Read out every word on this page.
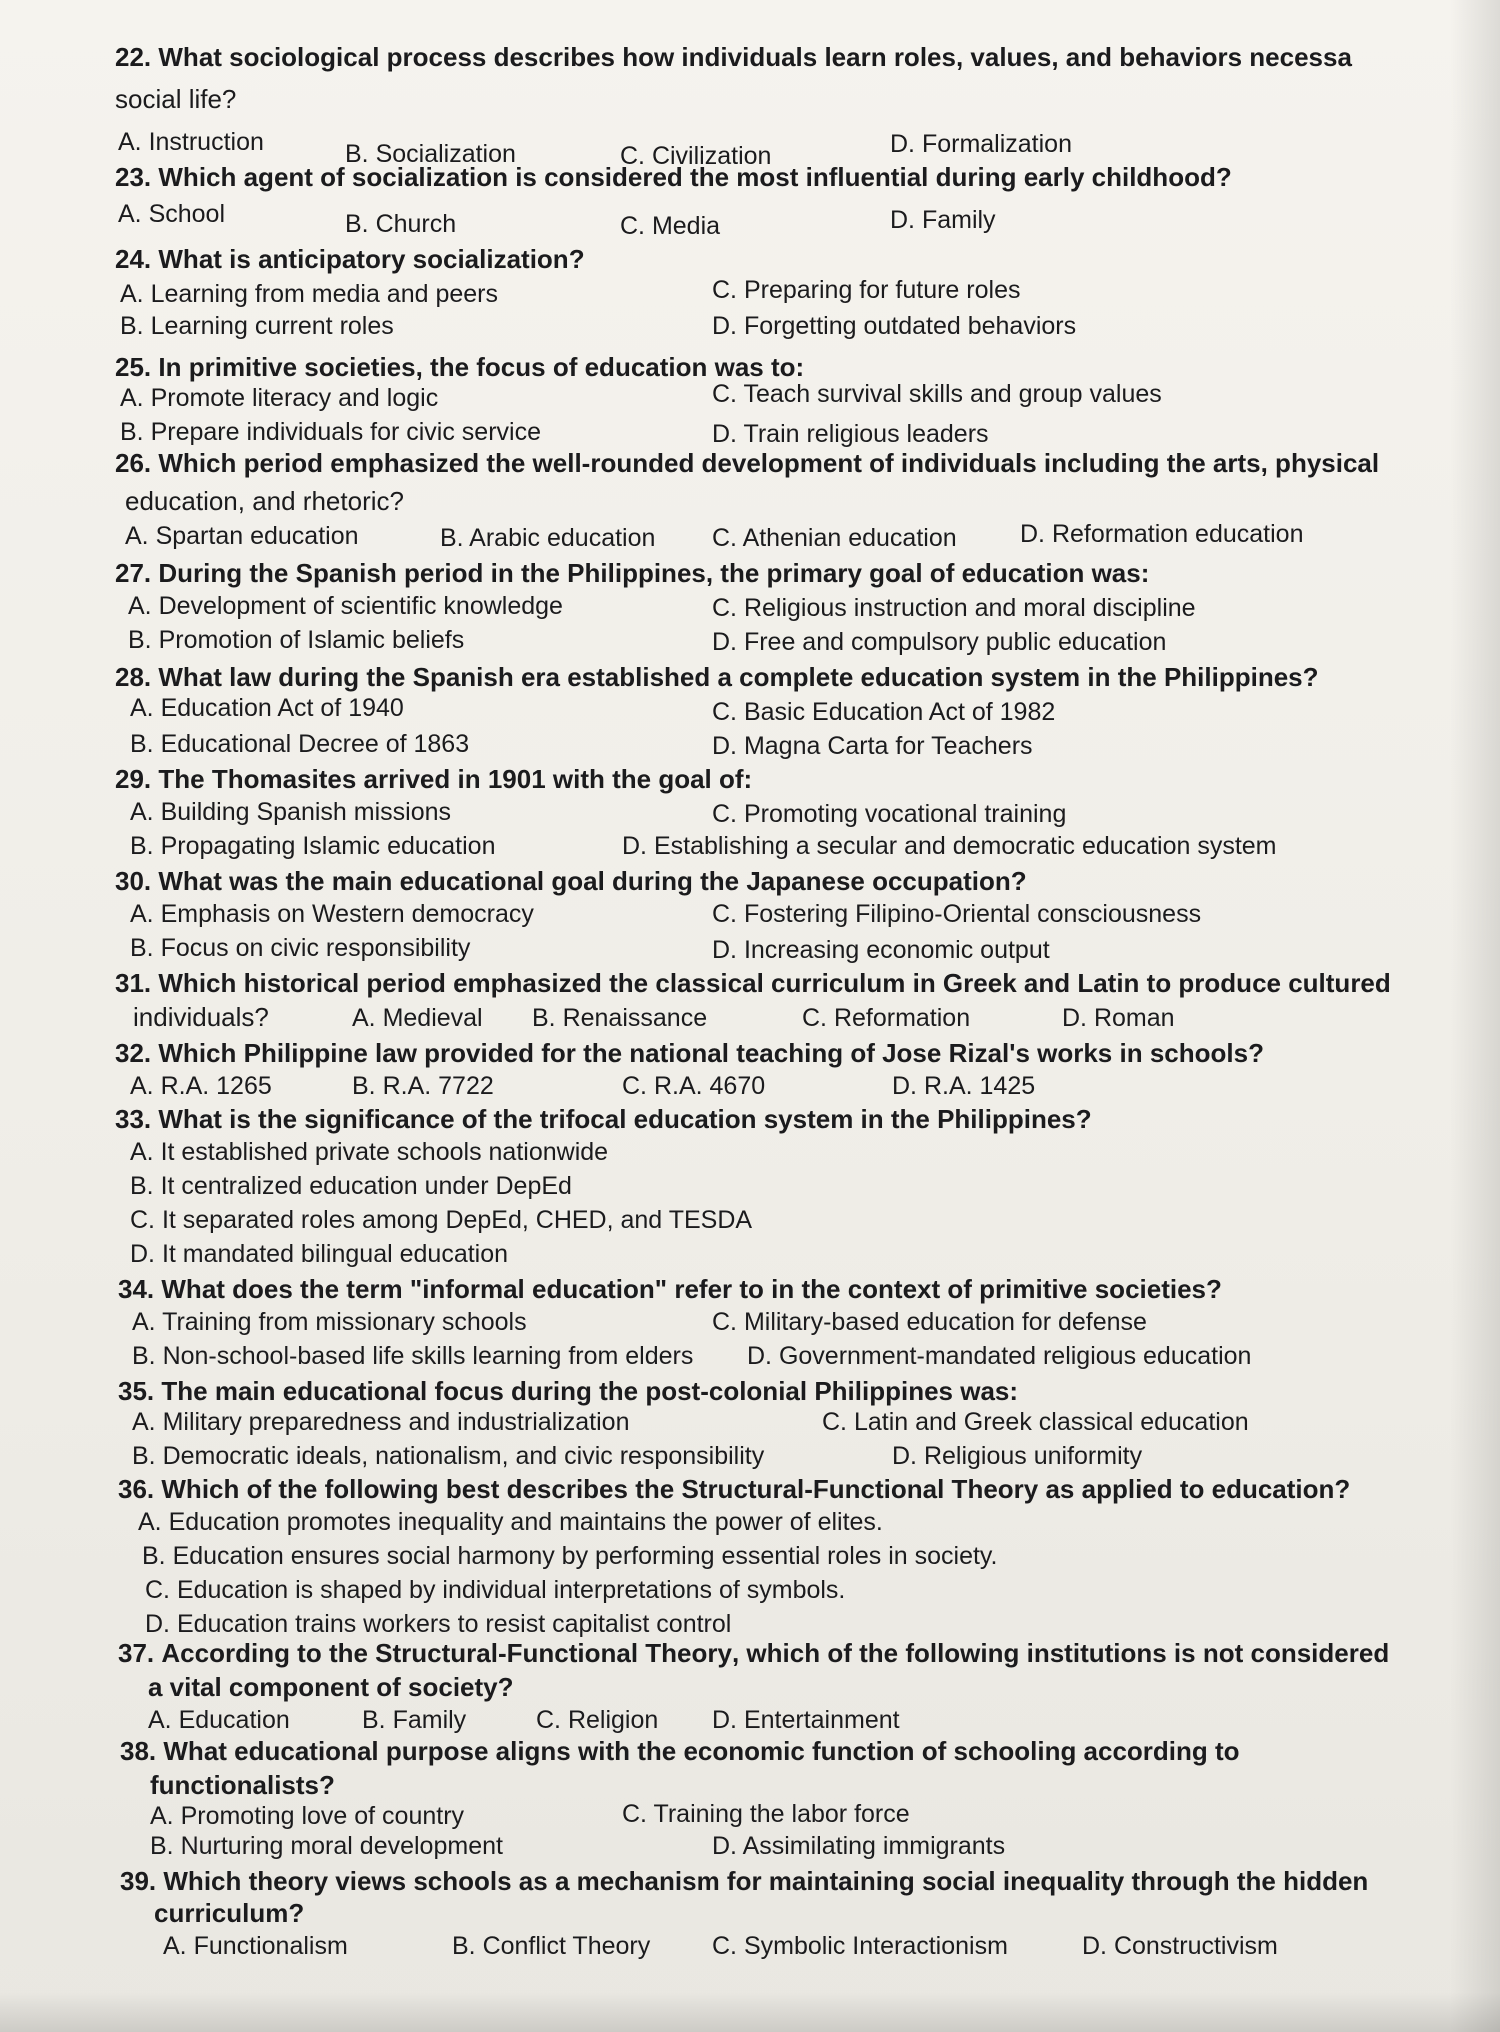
22. What sociological process describes how individuals learn roles, values, and behaviors necessa
social life?
A. Instruction	B. Socialization	C. Civilization	D. Formalization
23. Which agent of socialization is considered the most influential during early childhood?
A. School	B. Church	C. Media	D. Family
24. What is anticipatory socialization?
A. Learning from media and peers	C. Preparing for future roles
B. Learning current roles	D. Forgetting outdated behaviors
25. In primitive societies, the focus of education was to:
A. Promote literacy and logic	C. Teach survival skills and group values
B. Prepare individuals for civic service	D. Train religious leaders
26. Which period emphasized the well-rounded development of individuals including the arts, physical
education, and rhetoric?
A. Spartan education	B. Arabic education C. Athenian education	D. Reformation education
27. During the Spanish period in the Philippines, the primary goal of education was:
A. Development of scientific knowledge	C. Religious instruction and moral discipline
B. Promotion of Islamic beliefs	D. Free and compulsory public education
28. What law during the Spanish era established a complete education system in the Philippines?
A. Education Act of 1940	C. Basic Education Act of 1982
B. Educational Decree of 1863	D. Magna Carta for Teachers
29. The Thomasites arrived in 1901 with the goal of:
A. Building Spanish missions	C. Promoting vocational training
B. Propagating Islamic education	D. Establishing a secular and democratic education system
30. What was the main educational goal during the Japanese occupation?
A. Emphasis on Western democracy	C. Fostering Filipino-Oriental consciousness
B. Focus on civic responsibility	D. Increasing economic output
31. Which historical period emphasized the classical curriculum in Greek and Latin to produce cultured
individuals?	A. Medieval B. Renaissance	C. Reformation	D. Roman
32. Which Philippine law provided for the national teaching of Jose Rizal's works in schools?
A. R.A. 1265	B. R.A. 7722	C. R.A. 4670	D. R.A. 1425
33. What is the significance of the trifocal education system in the Philippines?
A. It established private schools nationwide
B. It centralized education under DepEd
C. It separated roles among DepEd, CHED, and TESDA
D. It mandated bilingual education
34. What does the term "informal education" refer to in the context of primitive societies?
A. Training from missionary schools	C. Military-based education for defense
B. Non-school-based life skills learning from elders D. Government-mandated religious education
35. The main educational focus during the post-colonial Philippines was:
A. Military preparedness and industrialization	C. Latin and Greek classical education
B. Democratic ideals, nationalism, and civic responsibility	D. Religious uniformity
36. Which of the following best describes the Structural-Functional Theory as applied to education?
A. Education promotes inequality and maintains the power of elites.
B. Education ensures social harmony by performing essential roles in society.
C. Education is shaped by individual interpretations of symbols.
D. Education trains workers to resist capitalist control
37. According to the Structural-Functional Theory, which of the following institutions is not considered
a vital component of society?
A. Education	B. Family	C. Religion D. Entertainment
38. What educational purpose aligns with the economic function of schooling according to
functionalists?
A. Promoting love of country	C. Training the labor force
B. Nurturing moral development	D. Assimilating immigrants
39. Which theory views schools as a mechanism for maintaining social inequality through the hidden
curriculum?
A. Functionalism	B. Conflict Theory C. Symbolic Interactionism	D. Constructivism
